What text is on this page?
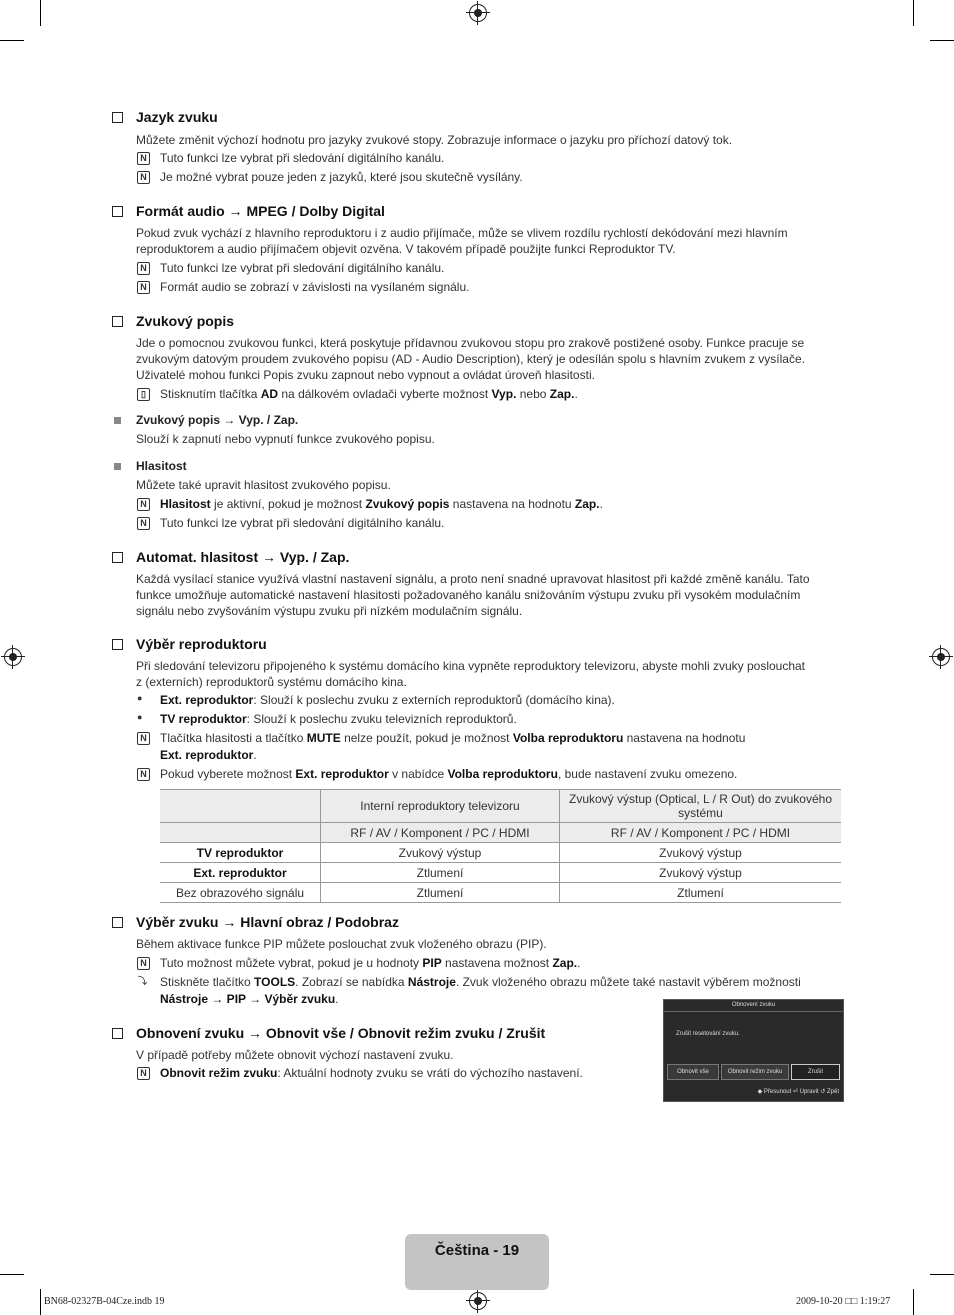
Jazyk zvuku
Můžete změnit výchozí hodnotu pro jazyky zvukové stopy. Zobrazuje informace o jazyku pro příchozí datový tok.
N Tuto funkci lze vybrat při sledování digitálního kanálu.
N Je možné vybrat pouze jeden z jazyků, které jsou skutečně vysílány.
Formát audio → MPEG / Dolby Digital
Pokud zvuk vychází z hlavního reproduktoru i z audio přijímače, může se vlivem rozdílu rychlostí dekódování mezi hlavním
reproduktorem a audio přijímačem objevit ozvěna. V takovém případě použijte funkci Reproduktor TV.
N Tuto funkci lze vybrat při sledování digitálního kanálu.
N Formát audio se zobrazí v závislosti na vysílaném signálu.
Zvukový popis
Jde o pomocnou zvukovou funkci, která poskytuje přídavnou zvukovou stopu pro zrakově postižené osoby. Funkce pracuje se
zvukovým datovým proudem zvukového popisu (AD - Audio Description), který je odesílán spolu s hlavním zvukem z vysílače.
Uživatelé mohou funkci Popis zvuku zapnout nebo vypnout a ovládat úroveň hlasitosti.
▯	Stisknutím tlačítka AD na dálkovém ovladači vyberte možnost Vyp. nebo Zap..
Zvukový popis → Vyp. / Zap.
Slouží k zapnutí nebo vypnutí funkce zvukového popisu.
Hlasitost
Můžete také upravit hlasitost zvukového popisu.
N Hlasitost je aktivní, pokud je možnost Zvukový popis nastavena na hodnotu Zap..
N Tuto funkci lze vybrat při sledování digitálního kanálu.
Automat. hlasitost → Vyp. / Zap.
Každá vysílací stanice využívá vlastní nastavení signálu, a proto není snadné upravovat hlasitost při každé změně kanálu. Tato
funkce umožňuje automatické nastavení hlasitosti požadovaného kanálu snižováním výstupu zvuku při vysokém modulačním
signálu nebo zvyšováním výstupu zvuku při nízkém modulačním signálu.
Výběr reproduktoru
Při sledování televizoru připojeného k systému domácího kina vypněte reproduktory televizoru, abyste mohli zvuky poslouchat
z (externích) reproduktorů systému domácího kina.
● Ext. reproduktor: Slouží k poslechu zvuku z externích reproduktorů (domácího kina).
● TV reproduktor: Slouží k poslechu zvuku televizních reproduktorů.
N Tlačítka hlasitosti a tlačítko MUTE nelze použít, pokud je možnost Volba reproduktoru nastavena na hodnotu
Ext. reproduktor.
N Pokud vyberete možnost Ext. reproduktor v nabídce Volba reproduktoru, bude nastavení zvuku omezeno.
	Interní reproduktory televizoru	Zvukový výstup (Optical, L / R Out) do zvukového systému
	RF / AV / Komponent / PC / HDMI	RF / AV / Komponent / PC / HDMI
TV reproduktor	Zvukový výstup	Zvukový výstup
Ext. reproduktor	Ztlumení	Zvukový výstup
Bez obrazového signálu	Ztlumení	Ztlumení
Výběr zvuku → Hlavní obraz / Podobraz
Během aktivace funkce PIP můžete poslouchat zvuk vloženého obrazu (PIP).
N Tuto možnost můžete vybrat, pokud je u hodnoty PIP nastavena možnost Zap..
⤵ Stiskněte tlačítko TOOLS. Zobrazí se nabídka Nástroje. Zvuk vloženého obrazu můžete také nastavit výběrem možnosti
Nástroje → PIP → Výběr zvuku.
Obnovení zvuku → Obnovit vše / Obnovit režim zvuku / Zrušit
V případě potřeby můžete obnovit výchozí nastavení zvuku.
N Obnovit režim zvuku: Aktuální hodnoty zvuku se vrátí do výchozího nastavení.
Obnovení zvuku
Zrušit resetování zvuku.
Obnovit vše	Obnovit režim zvuku	Zrušit
◆ Přesunout ⏎ Upravit ↺ Zpět
Čeština - 19
BN68-02327B-04Cze.indb 19	2009-10-20 □□ 1:19:27
